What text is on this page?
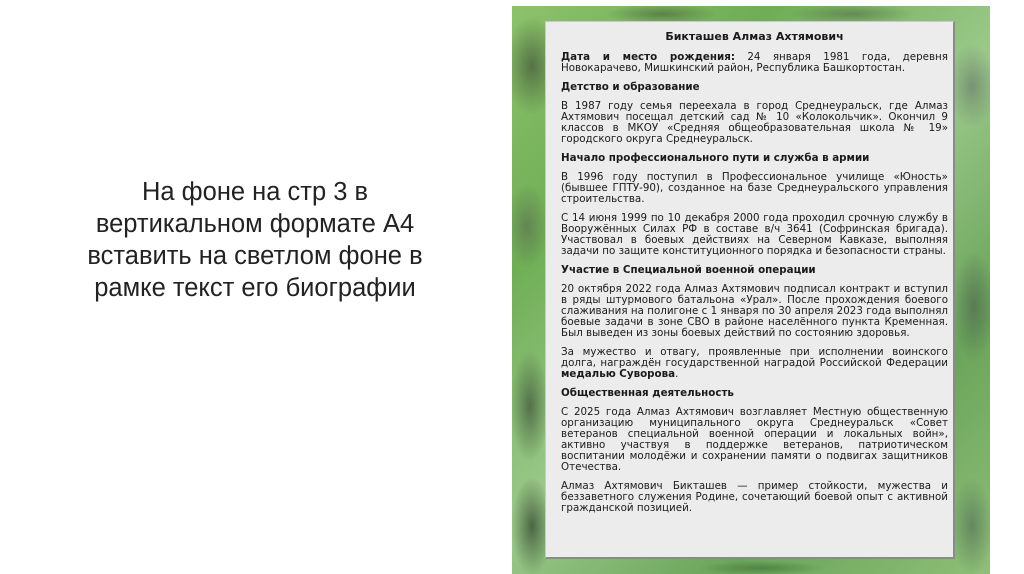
На фоне на стр 3 в вертикальном формате А4 вставить на светлом фоне в рамке текст его биографии
Бикташев Алмаз Ахтямович

Дата и место рождения: 24 января 1981 года, деревня Новокарачево, Мишкинский район, Республика Башкортостан.

Детство и образование

В 1987 году семья переехала в город Среднеуральск, где Алмаз Ахтямович посещал детский сад № 10 «Колокольчик». Окончил 9 классов в МКОУ «Средняя общеобразовательная школа № 19» городского округа Среднеуральск.

Начало профессионального пути и служба в армии

В 1996 году поступил в Профессиональное училище «Юность» (бывшее ГПТУ-90), созданное на базе Среднеуральского управления строительства.

С 14 июня 1999 по 10 декабря 2000 года проходил срочную службу в Вооружённых Силах РФ в составе в/ч 3641 (Софринская бригада). Участвовал в боевых действиях на Северном Кавказе, выполняя задачи по защите конституционного порядка и безопасности страны.

Участие в Специальной военной операции

20 октября 2022 года Алмаз Ахтямович подписал контракт и вступил в ряды штурмового батальона «Урал». После прохождения боевого слаживания на полигоне с 1 января по 30 апреля 2023 года выполнял боевые задачи в зоне СВО в районе населённого пункта Кременная. Был выведен из зоны боевых действий по состоянию здоровья.

За мужество и отвагу, проявленные при исполнении воинского долга, награждён государственной наградой Российской Федерации медалью Суворова.

Общественная деятельность

С 2025 года Алмаз Ахтямович возглавляет Местную общественную организацию муниципального округа Среднеуральск «Совет ветеранов специальной военной операции и локальных войн», активно участвуя в поддержке ветеранов, патриотическом воспитании молодёжи и сохранении памяти о подвигах защитников Отечества.

Алмаз Ахтямович Бикташев — пример стойкости, мужества и беззаветного служения Родине, сочетающий боевой опыт с активной гражданской позицией.
